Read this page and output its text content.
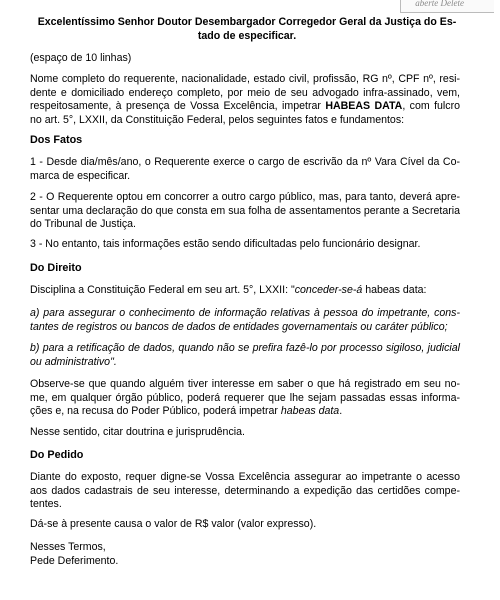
aberte Delete

Excelentíssimo Senhor Doutor Desembargador Corregedor Geral da Justiça do Es-
tado de especificar.

(espaço de 10 linhas)

Nome completo do requerente, nacionalidade, estado civil, profissão, RG nº, CPF nº, resi- dente e domiciliado endereço completo, por meio de seu advogado infra-assinado, vem, respeitosamente, à presença de Vossa Excelência, impetrar HABEAS DATA, com fulcro no art. 5°, LXXII, da Constituição Federal, pelos seguintes fatos e fundamentos:

Dos Fatos

1 - Desde dia/mês/ano, o Requerente exerce o cargo de escrivão da nº Vara Cível da Co- marca de especificar.

2 - O Requerente optou em concorrer a outro cargo público, mas, para tanto, deverá apre- sentar uma declaração do que consta em sua folha de assentamentos perante a Secretaria do Tribunal de Justiça.

3 - No entanto, tais informações estão sendo dificultadas pelo funcionário designar.

Do Direito

Disciplina a Constituição Federal em seu art. 5°, LXXII: "conceder-se-á habeas data:

a) para assegurar o conhecimento de informação relativas à pessoa do impetrante, cons- tantes de registros ou bancos de dados de entidades governamentais ou caráter público;

b) para a retificação de dados, quando não se prefira fazê-lo por processo sigiloso, judicial ou administrativo".

Observe-se que quando alguém tiver interesse em saber o que há registrado em seu no- me, em qualquer órgão público, poderá requerer que lhe sejam passadas essas informa- ções e, na recusa do Poder Público, poderá impetrar habeas data.

Nesse sentido, citar doutrina e jurisprudência.

Do Pedido

Diante do exposto, requer digne-se Vossa Excelência assegurar ao impetrante o acesso aos dados cadastrais de seu interesse, determinando a expedição das certidões compe- tentes.

Dá-se à presente causa o valor de R$ valor (valor expresso).

Nesses Termos,
Pede Deferimento.
